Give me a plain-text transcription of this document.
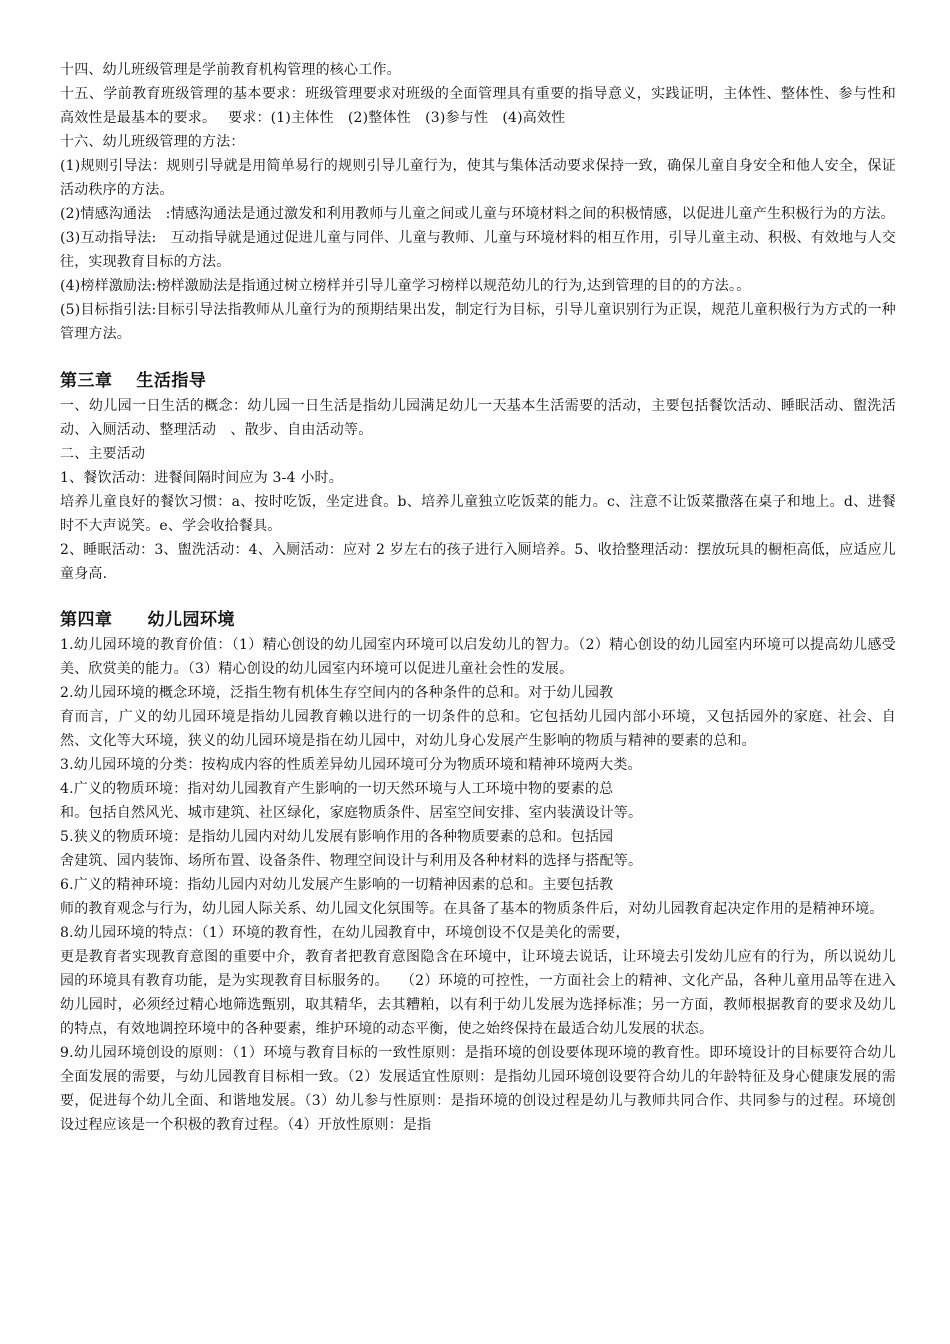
十四、幼儿班级管理是学前教育机构管理的核心工作。

十五、学前教育班级管理的基本要求：班级管理要求对班级的全面管理具有重要的指导意义，实践证明，主体性、整体性、参与性和高效性是最基本的要求。　 要求：(1)主体性　(2)整体性　(3)参与性　(4)高效性

十六、幼儿班级管理的方法：

(1)规则引导法：规则引导就是用简单易行的规则引导儿童行为，使其与集体活动要求保持一致，确保儿童自身安全和他人安全，保证活动秩序的方法。

(2)情感沟通法　:情感沟通法是通过激发和利用教师与儿童之间或儿童与环境材料之间的积极情感，以促进儿童产生积极行为的方法。

(3)互动指导法:　互动指导就是通过促进儿童与同伴、儿童与教师、儿童与环境材料的相互作用，引导儿童主动、积极、有效地与人交往，实现教育目标的方法。

(4)榜样激励法:榜样激励法是指通过树立榜样并引导儿童学习榜样以规范幼儿的行为,达到管理的目的的方法。。

(5)目标指引法:目标引导法指教师从儿童行为的预期结果出发，制定行为目标，引导儿童识别行为正误，规范儿童积极行为方式的一种管理方法。

第三章　 生活指导

一、幼儿园一日生活的概念：幼儿园一日生活是指幼儿园满足幼儿一天基本生活需要的活动，主要包括餐饮活动、睡眠活动、盥洗活动、入厕活动、整理活动　、散步、自由活动等。

二、主要活动

1、餐饮活动：进餐间隔时间应为 3-4 小时。

培养儿童良好的餐饮习惯：a、按时吃饭，坐定进食。b、培养儿童独立吃饭菜的能力。c、注意不让饭菜撒落在桌子和地上。d、进餐时不大声说笑。e、学会收拾餐具。

2、睡眠活动：3、盥洗活动：4、入厕活动：应对 2 岁左右的孩子进行入厕培养。5、收拾整理活动：摆放玩具的橱柜高低，应适应儿童身高.

第四章　　幼儿园环境

1.幼儿园环境的教育价值：（1）精心创设的幼儿园室内环境可以启发幼儿的智力。（2）精心创设的幼儿园室内环境可以提高幼儿感受美、欣赏美的能力。（3）精心创设的幼儿园室内环境可以促进儿童社会性的发展。

2.幼儿园环境的概念环境，泛指生物有机体生存空间内的各种条件的总和。对于幼儿园教

育而言，广义的幼儿园环境是指幼儿园教育赖以进行的一切条件的总和。它包括幼儿园内部小环境，又包括园外的家庭、社会、自然、文化等大环境，狭义的幼儿园环境是指在幼儿园中，对幼儿身心发展产生影响的物质与精神的要素的总和。

3.幼儿园环境的分类：按构成内容的性质差异幼儿园环境可分为物质环境和精神环境两大类。

4.广义的物质环境：指对幼儿园教育产生影响的一切天然环境与人工环境中物的要素的总

和。包括自然风光、城市建筑、社区绿化，家庭物质条件、居室空间安排、室内装潢设计等。

5.狭义的物质环境：是指幼儿园内对幼儿发展有影响作用的各种物质要素的总和。包括园

舍建筑、园内装饰、场所布置、设备条件、物理空间设计与利用及各种材料的选择与搭配等。

6.广义的精神环境：指幼儿园内对幼儿发展产生影响的一切精神因素的总和。主要包括教

师的教育观念与行为，幼儿园人际关系、幼儿园文化氛围等。在具备了基本的物质条件后，对幼儿园教育起决定作用的是精神环境。

8.幼儿园环境的特点：（1）环境的教育性，在幼儿园教育中，环境创设不仅是美化的需要，

更是教育者实现教育意图的重要中介，教育者把教育意图隐含在环境中，让环境去说话，让环境去引发幼儿应有的行为，所以说幼儿园的环境具有教育功能，是为实现教育目标服务的。　 （2）环境的可控性，一方面社会上的精神、文化产品，各种儿童用品等在进入幼儿园时，必须经过精心地筛选甄别，取其精华，去其糟粕，以有利于幼儿发展为选择标准；另一方面，教师根据教育的要求及幼儿的特点，有效地调控环境中的各种要素，维护环境的动态平衡，使之始终保持在最适合幼儿发展的状态。

9.幼儿园环境创设的原则：（1）环境与教育目标的一致性原则：是指环境的创设要体现环境的教育性。即环境设计的目标要符合幼儿全面发展的需要，与幼儿园教育目标相一致。（2）发展适宜性原则：是指幼儿园环境创设要符合幼儿的年龄特征及身心健康发展的需要，促进每个幼儿全面、和谐地发展。（3）幼儿参与性原则：是指环境的创设过程是幼儿与教师共同合作、共同参与的过程。环境创设过程应该是一个积极的教育过程。（4）开放性原则：是指
